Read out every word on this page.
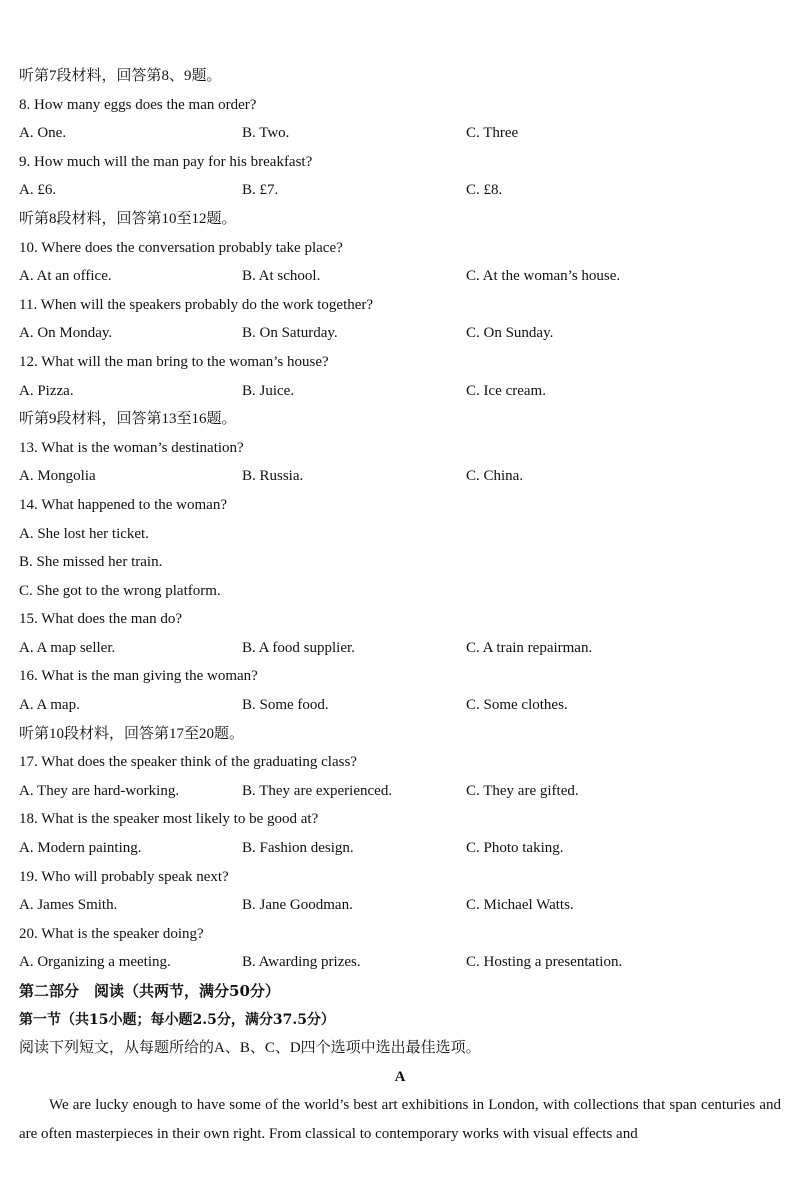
听第7段材料，回答第8、9题。
8. How many eggs does the man order?
A. One.	B. Two.	C. Three
9. How much will the man pay for his breakfast?
A. £6.	B. £7.	C. £8.
听第8段材料，回答第10至12题。
10. Where does the conversation probably take place?
A. At an office.	B. At school.	C. At the woman’s house.
11. When will the speakers probably do the work together?
A. On Monday.	B. On Saturday.	C. On Sunday.
12. What will the man bring to the woman’s house?
A. Pizza.	B. Juice.	C. Ice cream.
听第9段材料，回答第13至16题。
13. What is the woman’s destination?
A. Mongolia	B. Russia.	C. China.
14. What happened to the woman?
A. She lost her ticket.
B. She missed her train.
C. She got to the wrong platform.
15. What does the man do?
A. A map seller.	B. A food supplier.	C. A train repairman.
16. What is the man giving the woman?
A. A map.	B. Some food.	C. Some clothes.
听第10段材料，回答第17至20题。
17. What does the speaker think of the graduating class?
A. They are hard-working.	B. They are experienced.	C. They are gifted.
18. What is the speaker most likely to be good at?
A. Modern painting.	B. Fashion design.	C. Photo taking.
19. Who will probably speak next?
A. James Smith.	B. Jane Goodman.	C. Michael Watts.
20. What is the speaker doing?
A. Organizing a meeting.	B. Awarding prizes.	C. Hosting a presentation.
第二部分　阅读（共两节，满分50分）
第一节（共15小题；每小题2.5分，满分37.5分）
阅读下列短文，从每题所给的A、B、C、D四个选项中选出最佳选项。
A
We are lucky enough to have some of the world’s best art exhibitions in London, with collections that span centuries and are often masterpieces in their own right. From classical to contemporary works with visual effects and
